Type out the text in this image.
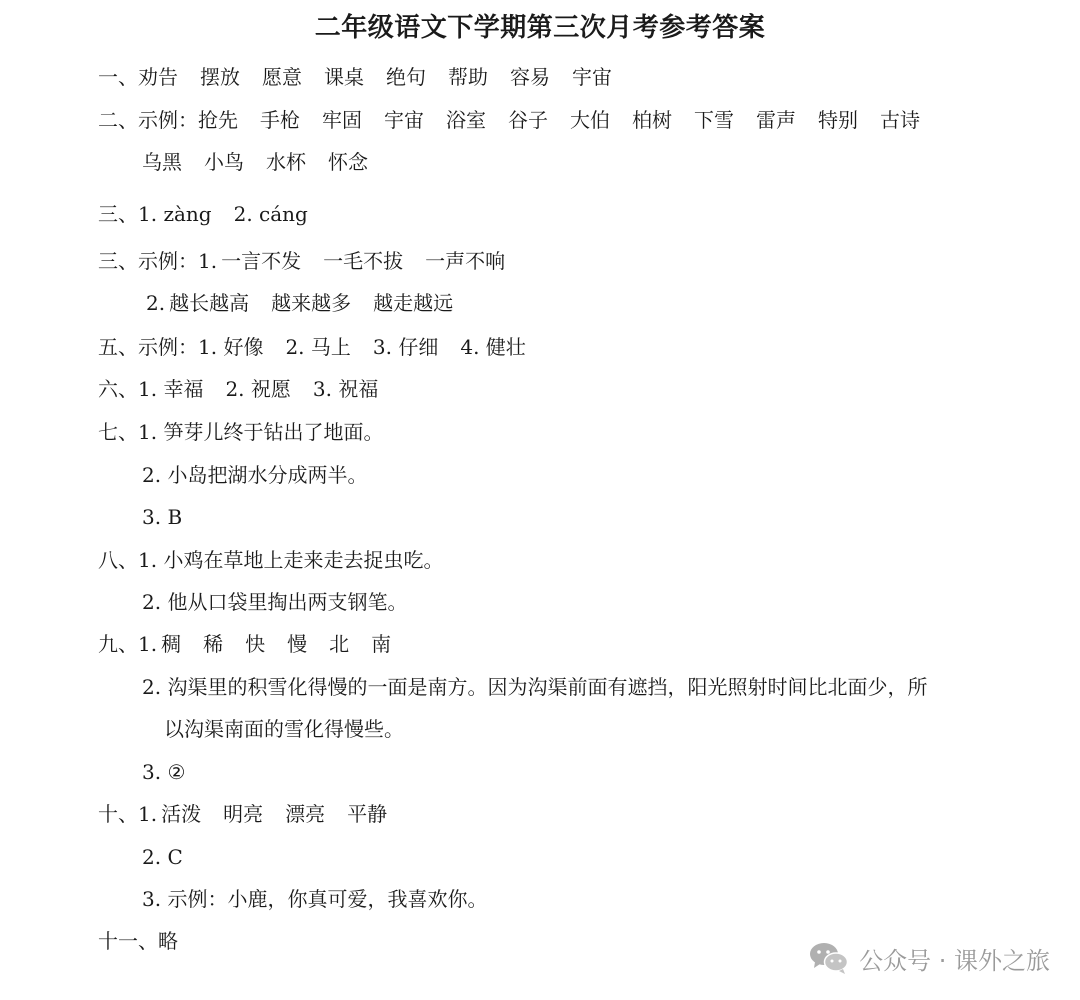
二年级语文下学期第三次月考参考答案
一、劝告 摆放 愿意 课桌 绝句 帮助 容易 宇宙
二、示例：抢先 手枪 牢固 宇宙 浴室 谷子 大伯 柏树 下雪 雷声 特别 古诗
乌黑 小鸟 水杯 怀念
三、1. zàng 2. cáng
三、示例：1. 一言不发 一毛不拔 一声不响
2. 越长越高 越来越多 越走越远
五、示例：1. 好像 2. 马上 3. 仔细 4. 健壮
六、1. 幸福 2. 祝愿 3. 祝福
七、1. 笋芽儿终于钻出了地面。
2. 小岛把湖水分成两半。
3. B
八、1. 小鸡在草地上走来走去捉虫吃。
2. 他从口袋里掏出两支钢笔。
九、1. 稠 稀 快 慢 北 南
2. 沟渠里的积雪化得慢的一面是南方。因为沟渠前面有遮挡，阳光照射时间比北面少，所
以沟渠南面的雪化得慢些。
3. ②
十、1. 活泼 明亮 漂亮 平静
2. C
3. 示例：小鹿，你真可爱，我喜欢你。
十一、略
公众号 · 课外之旅
